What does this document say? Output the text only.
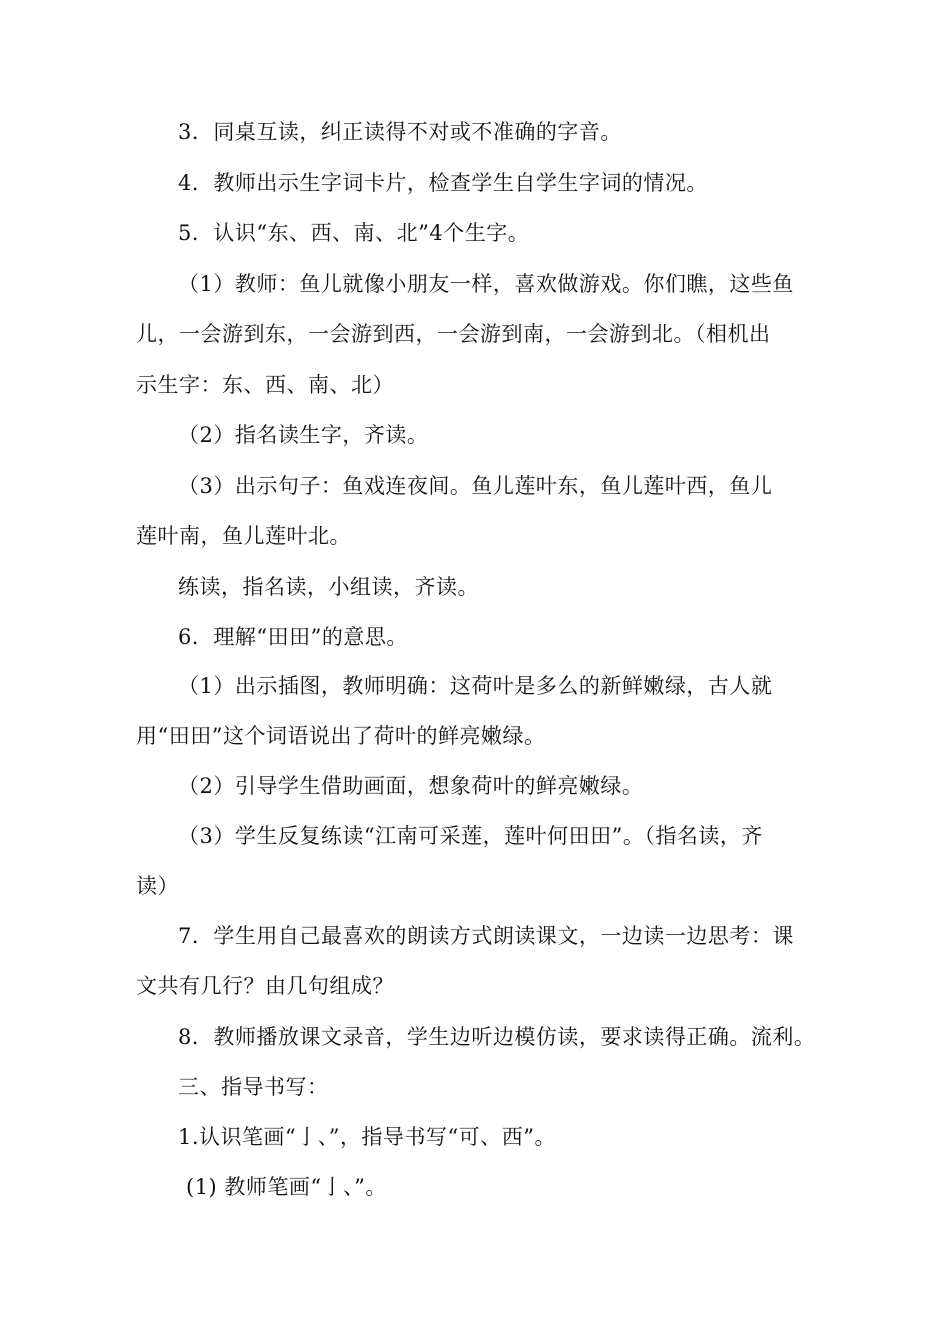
3．同桌互读，纠正读得不对或不准确的字音。
4．教师出示生字词卡片，检查学生自学生字词的情况。
5．认识“东、西、南、北”4个生字。
（1）教师：鱼儿就像小朋友一样，喜欢做游戏。你们瞧，这些鱼
儿，一会游到东，一会游到西，一会游到南，一会游到北。（相机出
示生字：东、西、南、北）
（2）指名读生字，齐读。
（3）出示句子：鱼戏连夜间。鱼儿莲叶东，鱼儿莲叶西，鱼儿
莲叶南，鱼儿莲叶北。
练读，指名读，小组读，齐读。
6．理解“田田”的意思。
（1）出示插图，教师明确：这荷叶是多么的新鲜嫩绿，古人就
用“田田”这个词语说出了荷叶的鲜亮嫩绿。
（2）引导学生借助画面，想象荷叶的鲜亮嫩绿。
（3）学生反复练读“江南可采莲，莲叶何田田”。（指名读，齐
读）
7．学生用自己最喜欢的朗读方式朗读课文，一边读一边思考：课
文共有几行？由几句组成？
8．教师播放课文录音，学生边听边模仿读，要求读得正确。流利。
三、指导书写：
1.认识笔画“亅、”，指导书写“可、西”。
(1) 教师笔画“亅、”。
